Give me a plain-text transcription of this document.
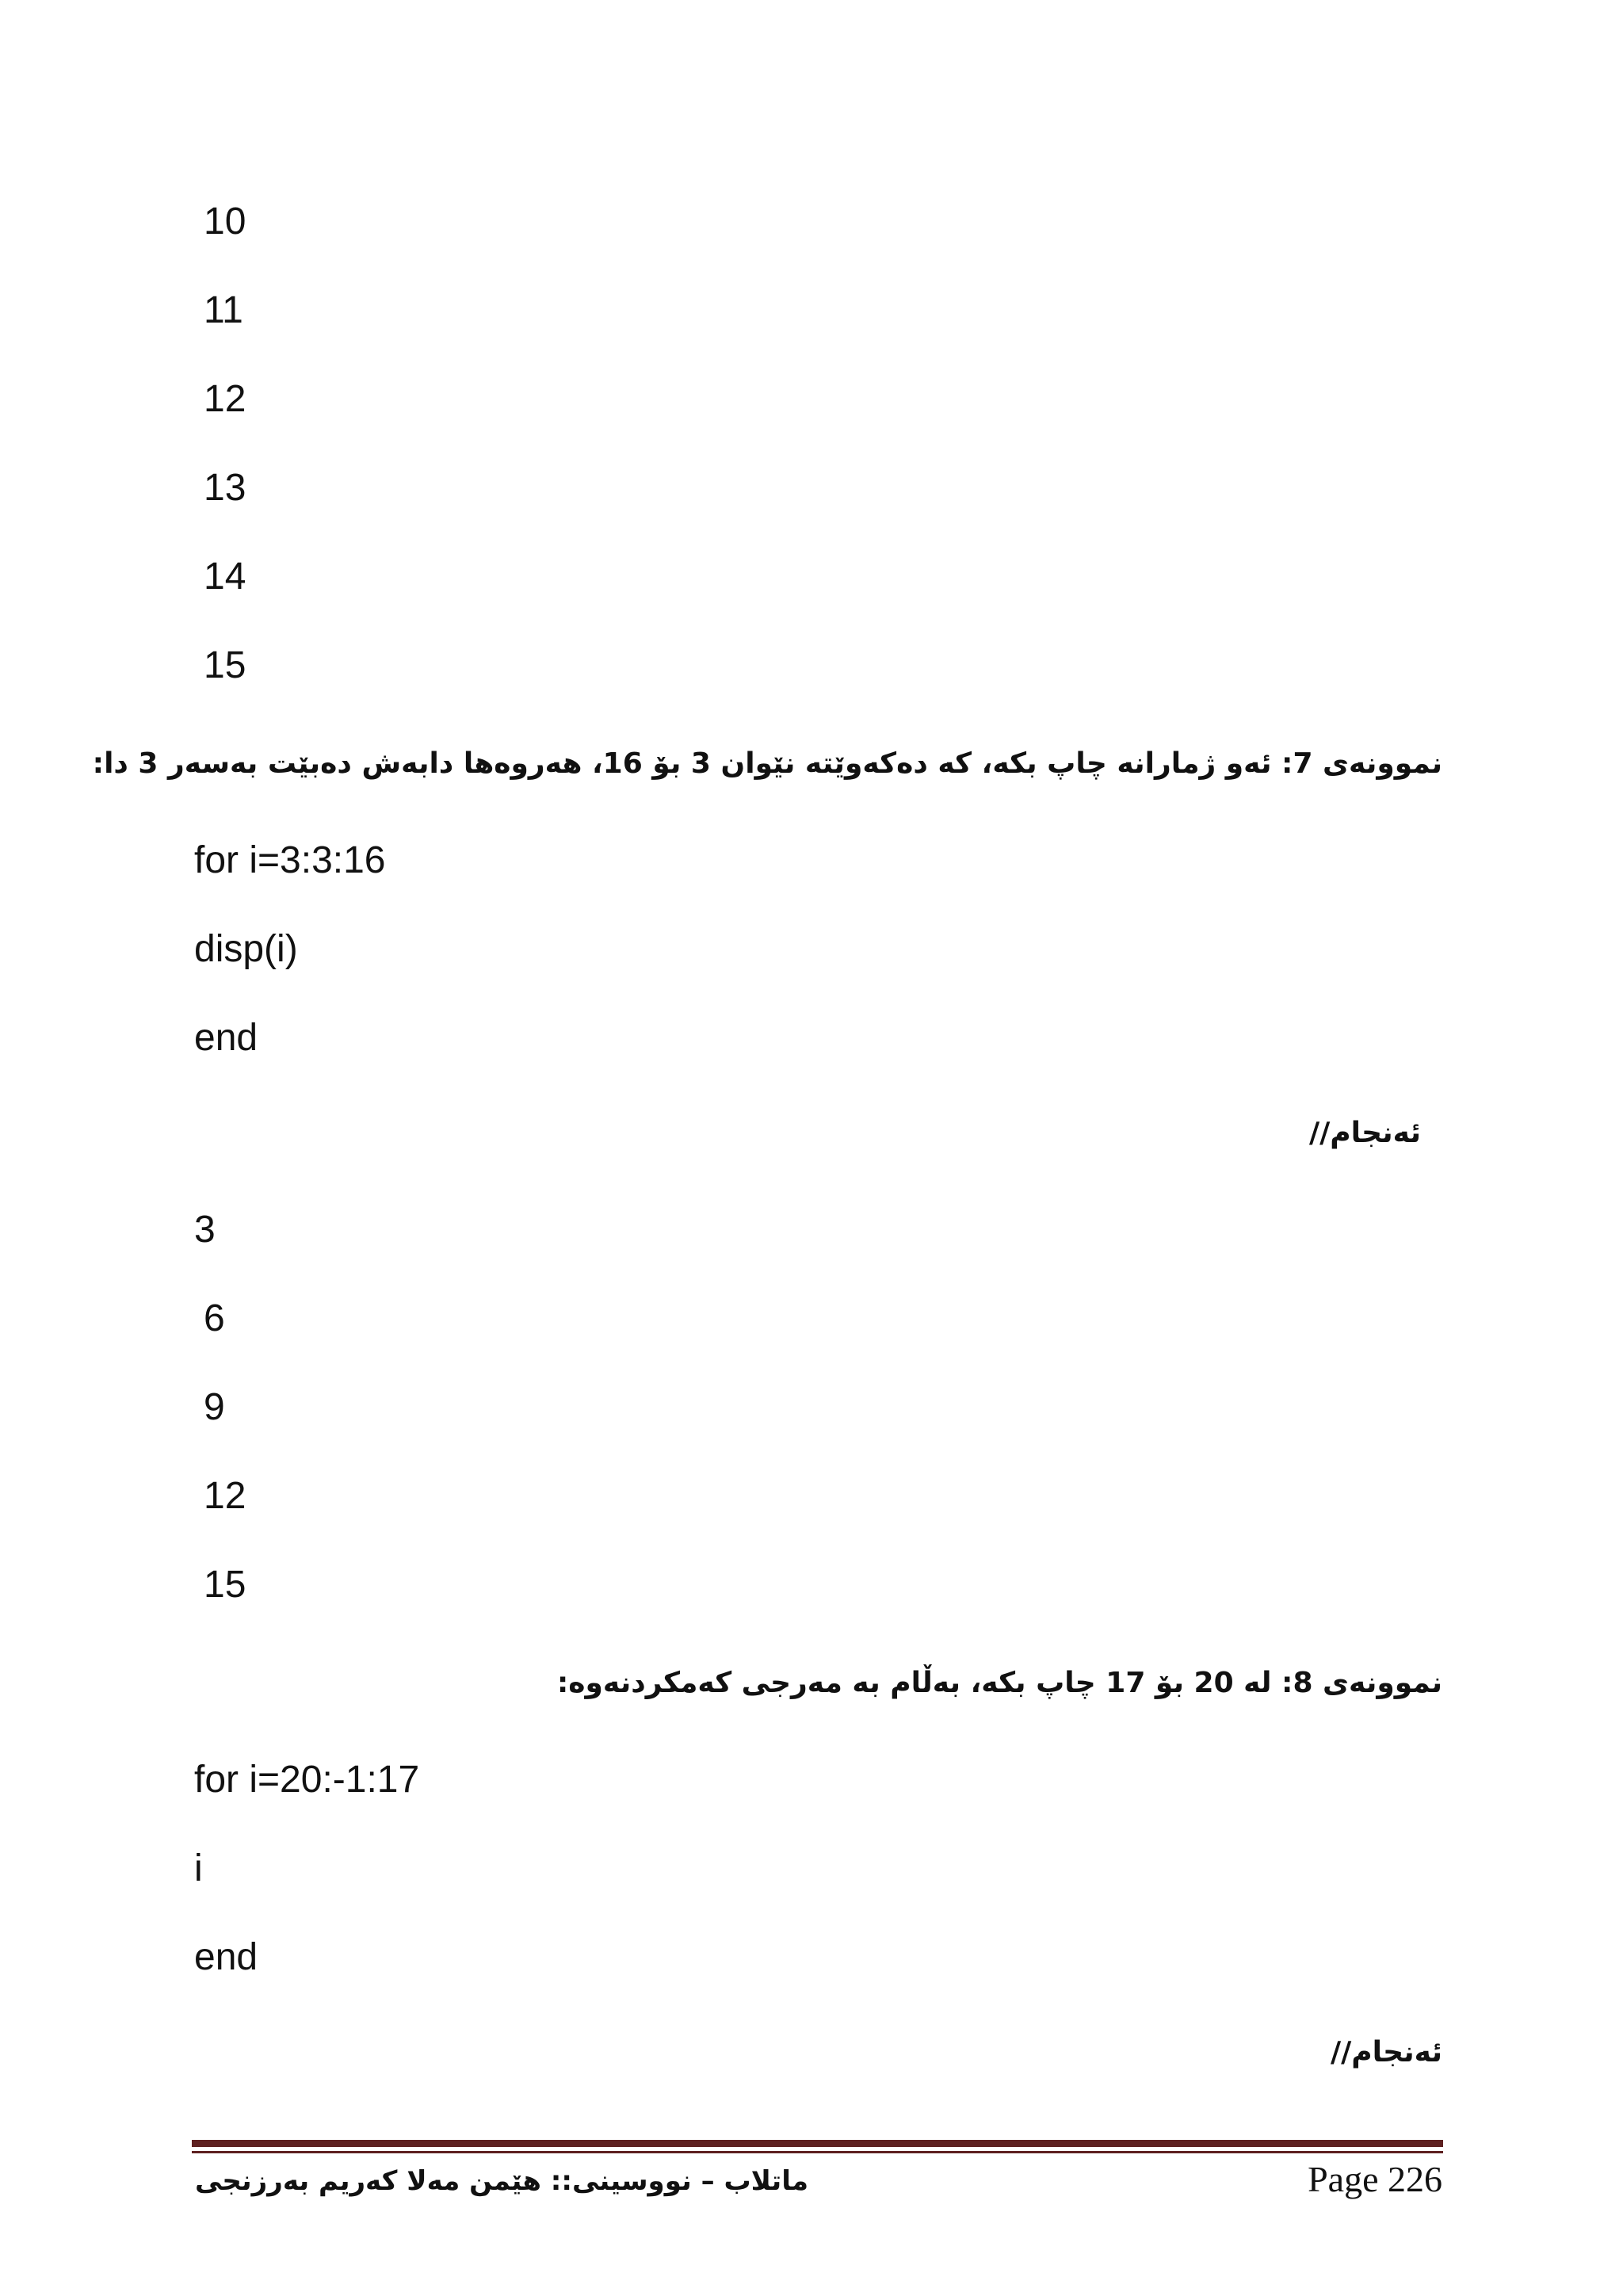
10
11
12
13
14
15
نموونەی 7: ئەو ژمارانە چاپ بکە، کە دەکەوێتە نێوان 3 بۆ 16، هەروەها دابەش دەبێت بەسەر 3 دا:
for i=3:3:16
disp(i)
end
ئەنجام//
3
6
9
12
15
نموونەی 8: لە 20 بۆ 17 چاپ بکە، بەڵام بە مەرجی کەمکردنەوە:
for i=20:-1:17
i
end
ئەنجام//
ماتلاب – نووسینی:: هێمن مەلا کەریم بەرزنجی	Page 226
